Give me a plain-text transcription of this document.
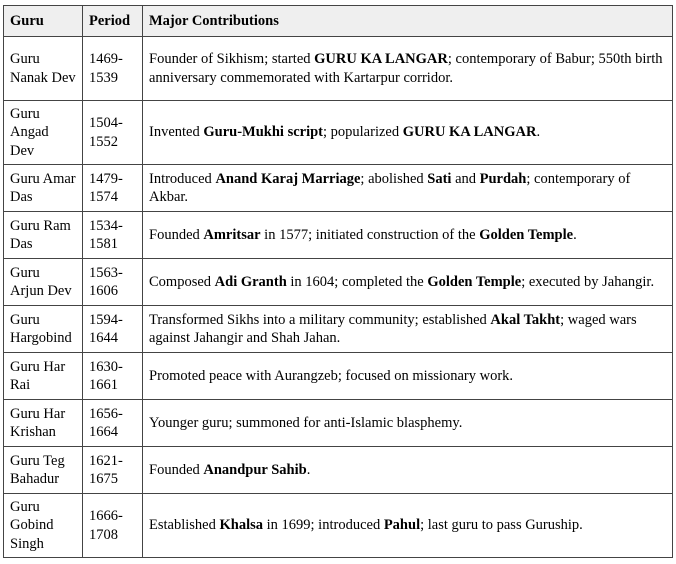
Guru	Period	Major Contributions
Guru Nanak Dev	1469-1539	Founder of Sikhism; started GURU KA LANGAR; contemporary of Babur; 550th birth anniversary commemorated with Kartarpur corridor.
Guru Angad Dev	1504-1552	Invented Guru-Mukhi script; popularized GURU KA LANGAR.
Guru Amar Das	1479-1574	Introduced Anand Karaj Marriage; abolished Sati and Purdah; contemporary of Akbar.
Guru Ram Das	1534-1581	Founded Amritsar in 1577; initiated construction of the Golden Temple.
Guru Arjun Dev	1563-1606	Composed Adi Granth in 1604; completed the Golden Temple; executed by Jahangir.
Guru Hargobind	1594-1644	Transformed Sikhs into a military community; established Akal Takht; waged wars against Jahangir and Shah Jahan.
Guru Har Rai	1630-1661	Promoted peace with Aurangzeb; focused on missionary work.
Guru Har Krishan	1656-1664	Younger guru; summoned for anti-Islamic blasphemy.
Guru Teg Bahadur	1621-1675	Founded Anandpur Sahib.
Guru Gobind Singh	1666-1708	Established Khalsa in 1699; introduced Pahul; last guru to pass Guruship.
